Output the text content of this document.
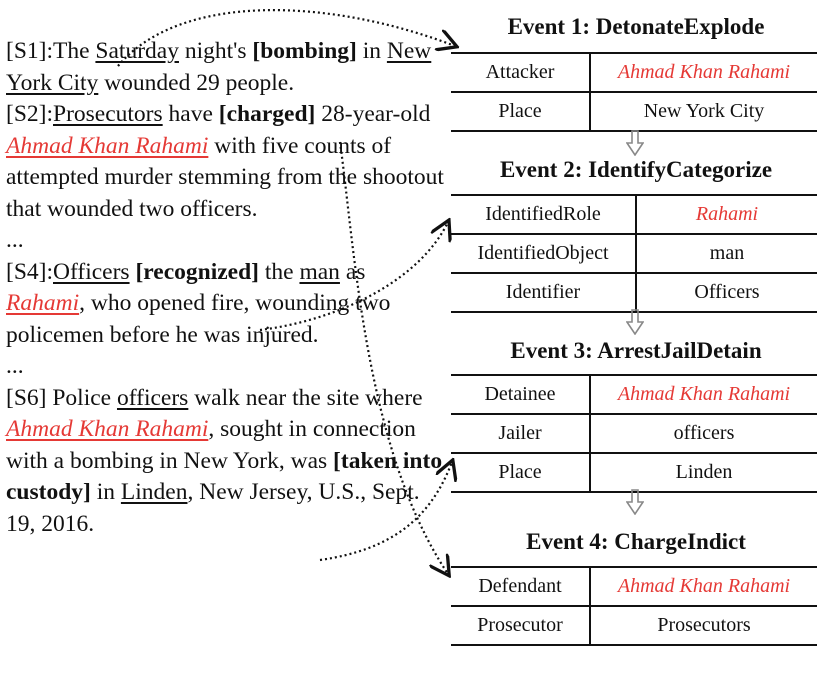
[S1]:The Saturday night's [bombing] in New York City wounded 29 people.
[S2]:Prosecutors have [charged] 28-year-old Ahmad Khan Rahami with five counts of attempted murder stemming from the shootout that wounded two officers.
...
[S4]:Officers [recognized] the man as Rahami, who opened fire, wounding two policemen before he was injured.
...
[S6] Police officers walk near the site where Ahmad Khan Rahami, sought in connection with a bombing in New York, was [taken into custody] in Linden, New Jersey, U.S., Sept. 19, 2016.
Event 1: DetonateExplode
Attacker	Ahmad Khan Rahami
Place	New York City
Event 2: IdentifyCategorize
IdentifiedRole	Rahami
IdentifiedObject	man
Identifier	Officers
Event 3: ArrestJailDetain
Detainee	Ahmad Khan Rahami
Jailer	officers
Place	Linden
Event 4: ChargeIndict
Defendant	Ahmad Khan Rahami
Prosecutor	Prosecutors
